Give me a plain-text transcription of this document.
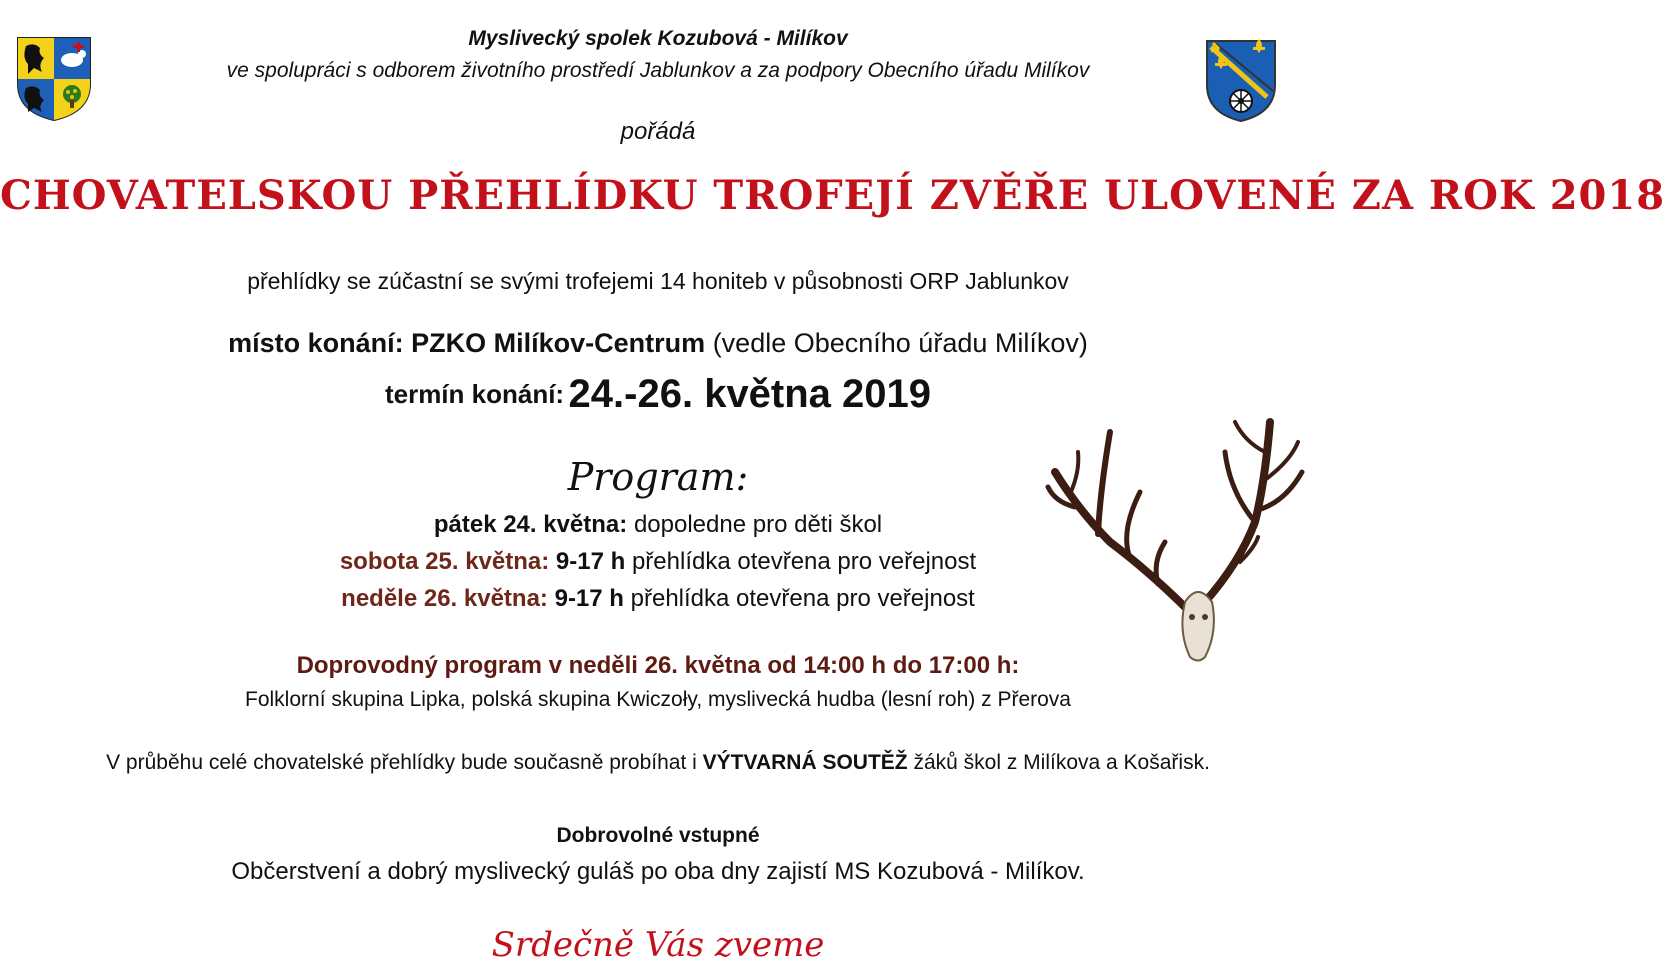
Myslivecký spolek Kozubová - Milíkov
ve spolupráci s odborem životního prostředí Jablunkov a za podpory Obecního úřadu Milíkov
pořádá
CHOVATELSKOU PŘEHLÍDKU TROFEJÍ ZVĚŘE ULOVENÉ ZA ROK 2018
přehlídky se zúčastní se svými trofejemi 14 honiteb v působnosti ORP Jablunkov
místo konání: PZKO Milíkov-Centrum (vedle Obecního úřadu Milíkov)
termín konání: 24.-26. května 2019
Program:
pátek 24. května: dopoledne pro děti škol
sobota 25. května: 9-17 h přehlídka otevřena pro veřejnost
neděle 26. května: 9-17 h přehlídka otevřena pro veřejnost
Doprovodný program v neděli 26. května od 14:00 h do 17:00 h:
Folklorní skupina Lipka, polská skupina Kwiczoły, myslivecká hudba (lesní roh) z Přerova
V průběhu celé chovatelské přehlídky bude současně probíhat i VÝTVARNÁ SOUTĚŽ žáků škol z Milíkova a Košařisk.
Dobrovolné vstupné
Občerstvení a dobrý myslivecký guláš po oba dny zajistí MS Kozubová - Milíkov.
Srdečně Vás zveme
